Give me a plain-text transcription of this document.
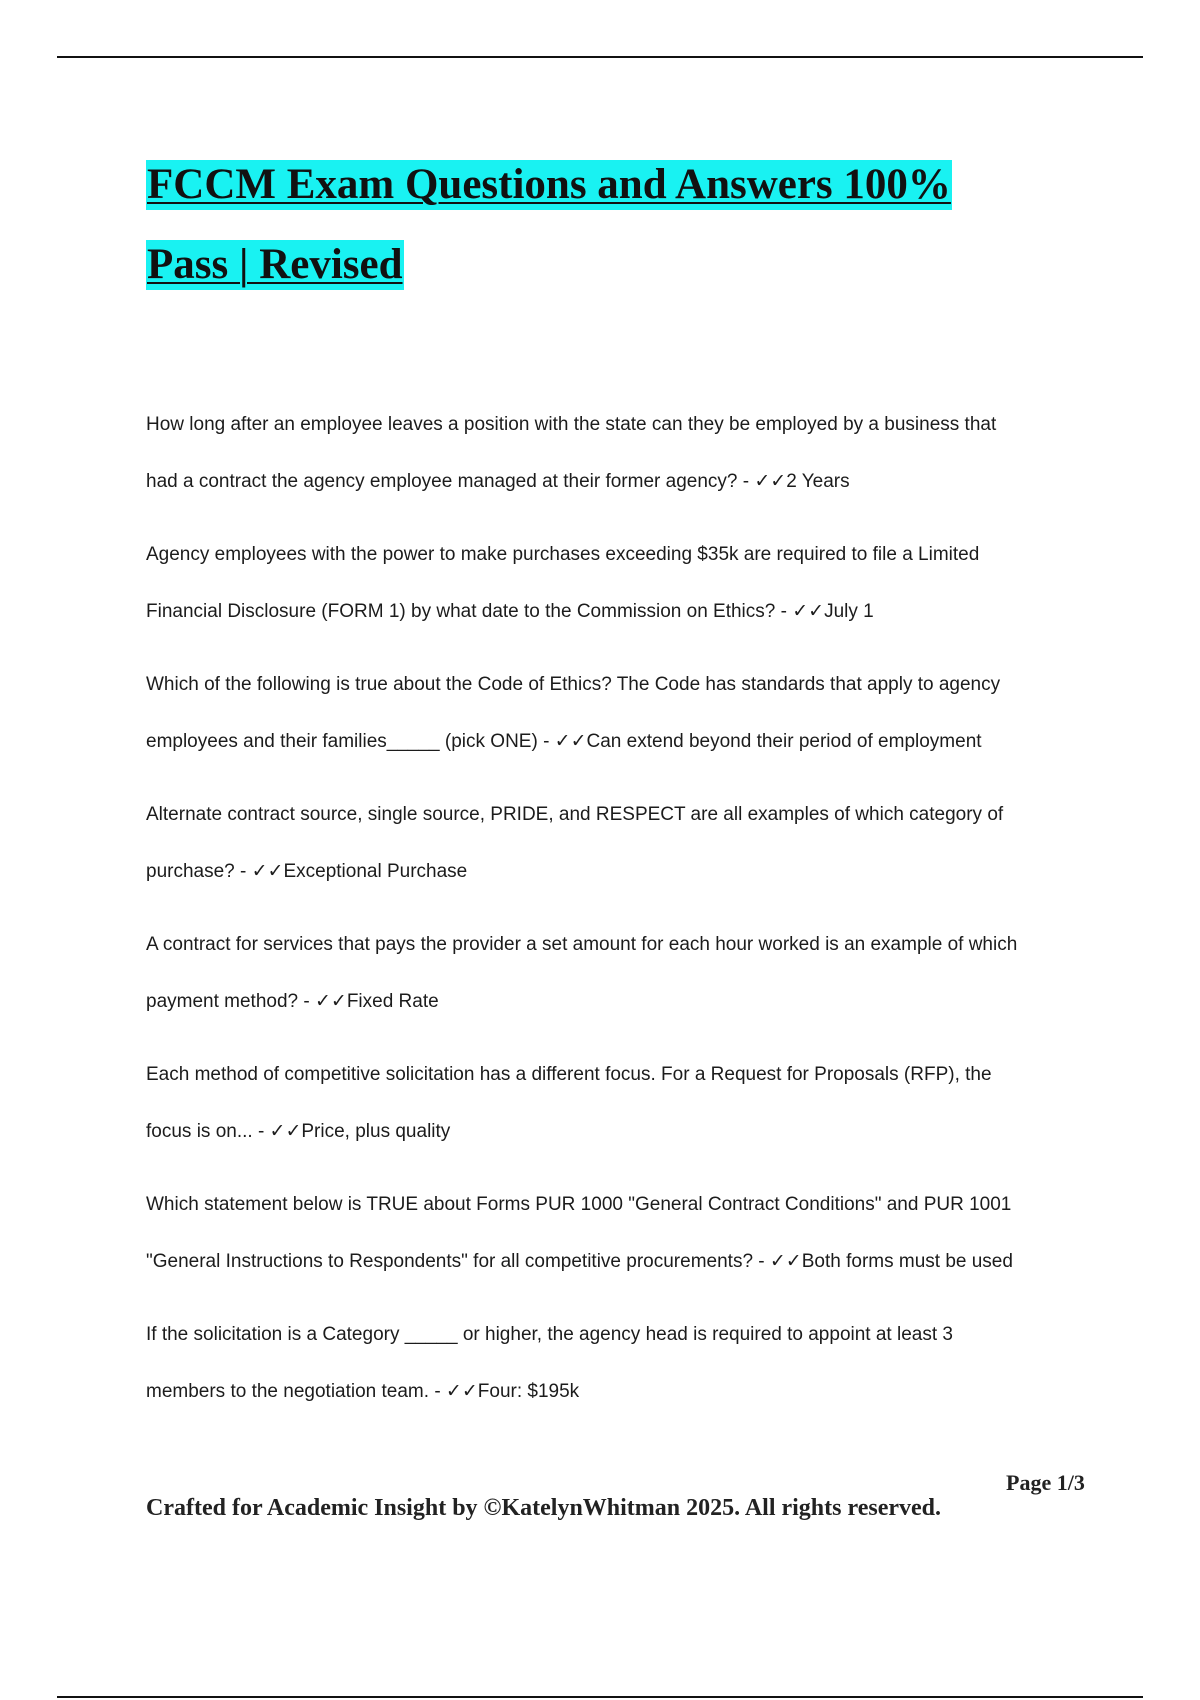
FCCM Exam Questions and Answers 100%
Pass | Revised
How long after an employee leaves a position with the state can they be employed by a business that
had a contract the agency employee managed at their former agency? - ✓✓2 Years
Agency employees with the power to make purchases exceeding $35k are required to file a Limited
Financial Disclosure (FORM 1) by what date to the Commission on Ethics? - ✓✓July 1
Which of the following is true about the Code of Ethics? The Code has standards that apply to agency
employees and their families_____ (pick ONE) - ✓✓Can extend beyond their period of employment
Alternate contract source, single source, PRIDE, and RESPECT are all examples of which category of
purchase? - ✓✓Exceptional Purchase
A contract for services that pays the provider a set amount for each hour worked is an example of which
payment method? - ✓✓Fixed Rate
Each method of competitive solicitation has a different focus. For a Request for Proposals (RFP), the
focus is on... - ✓✓Price, plus quality
Which statement below is TRUE about Forms PUR 1000 "General Contract Conditions" and PUR 1001
"General Instructions to Respondents" for all competitive procurements? - ✓✓Both forms must be used
If the solicitation is a Category _____ or higher, the agency head is required to appoint at least 3
members to the negotiation team. - ✓✓Four: $195k
Page 1/3
Crafted for Academic Insight by ©KatelynWhitman 2025. All rights reserved.
